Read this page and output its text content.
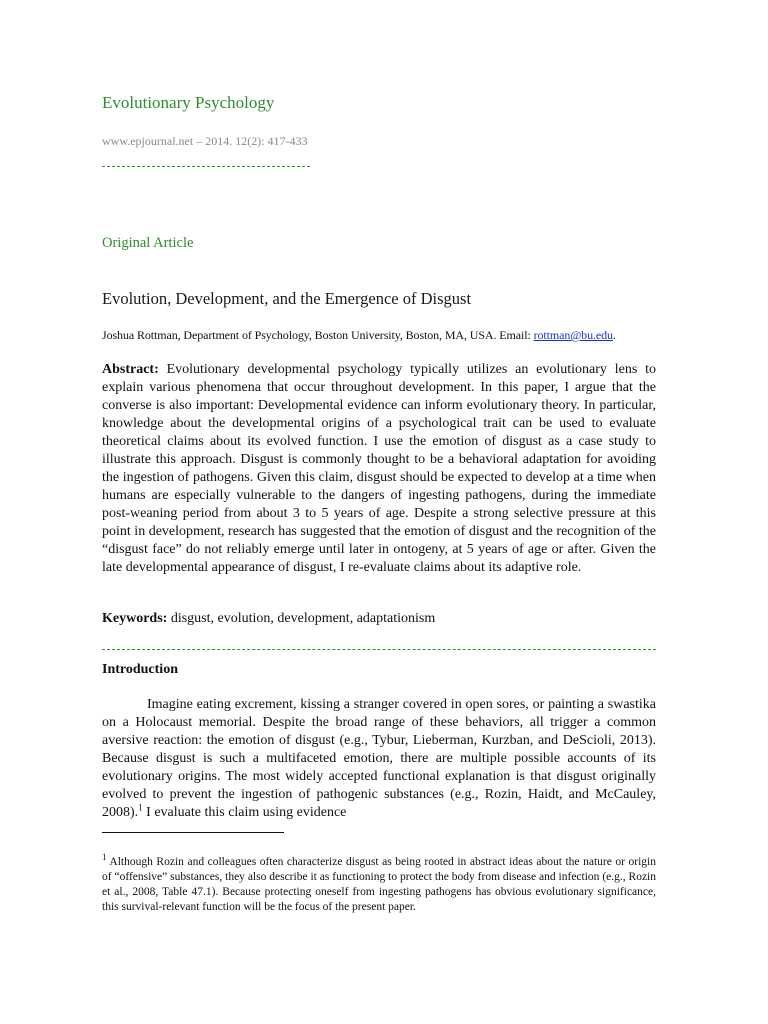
Evolutionary Psychology
www.epjournal.net – 2014. 12(2): 417-433
Original Article
Evolution, Development, and the Emergence of Disgust
Joshua Rottman, Department of Psychology, Boston University, Boston, MA, USA. Email: rottman@bu.edu.
Abstract: Evolutionary developmental psychology typically utilizes an evolutionary lens to explain various phenomena that occur throughout development. In this paper, I argue that the converse is also important: Developmental evidence can inform evolutionary theory. In particular, knowledge about the developmental origins of a psychological trait can be used to evaluate theoretical claims about its evolved function. I use the emotion of disgust as a case study to illustrate this approach. Disgust is commonly thought to be a behavioral adaptation for avoiding the ingestion of pathogens. Given this claim, disgust should be expected to develop at a time when humans are especially vulnerable to the dangers of ingesting pathogens, during the immediate post-weaning period from about 3 to 5 years of age. Despite a strong selective pressure at this point in development, research has suggested that the emotion of disgust and the recognition of the “disgust face” do not reliably emerge until later in ontogeny, at 5 years of age or after. Given the late developmental appearance of disgust, I re-evaluate claims about its adaptive role.
Keywords: disgust, evolution, development, adaptationism
Introduction

Imagine eating excrement, kissing a stranger covered in open sores, or painting a swastika on a Holocaust memorial. Despite the broad range of these behaviors, all trigger a common aversive reaction: the emotion of disgust (e.g., Tybur, Lieberman, Kurzban, and DeScioli, 2013). Because disgust is such a multifaceted emotion, there are multiple possible accounts of its evolutionary origins. The most widely accepted functional explanation is that disgust originally evolved to prevent the ingestion of pathogenic substances (e.g., Rozin, Haidt, and McCauley, 2008).$^1$ I evaluate this claim using evidence

$^1$ Although Rozin and colleagues often characterize disgust as being rooted in abstract ideas about the nature or origin of “offensive” substances, they also describe it as functioning to protect the body from disease and infection (e.g., Rozin et al., 2008, Table 47.1). Because protecting oneself from ingesting pathogens has obvious evolutionary significance, this survival-relevant function will be the focus of the present paper.
